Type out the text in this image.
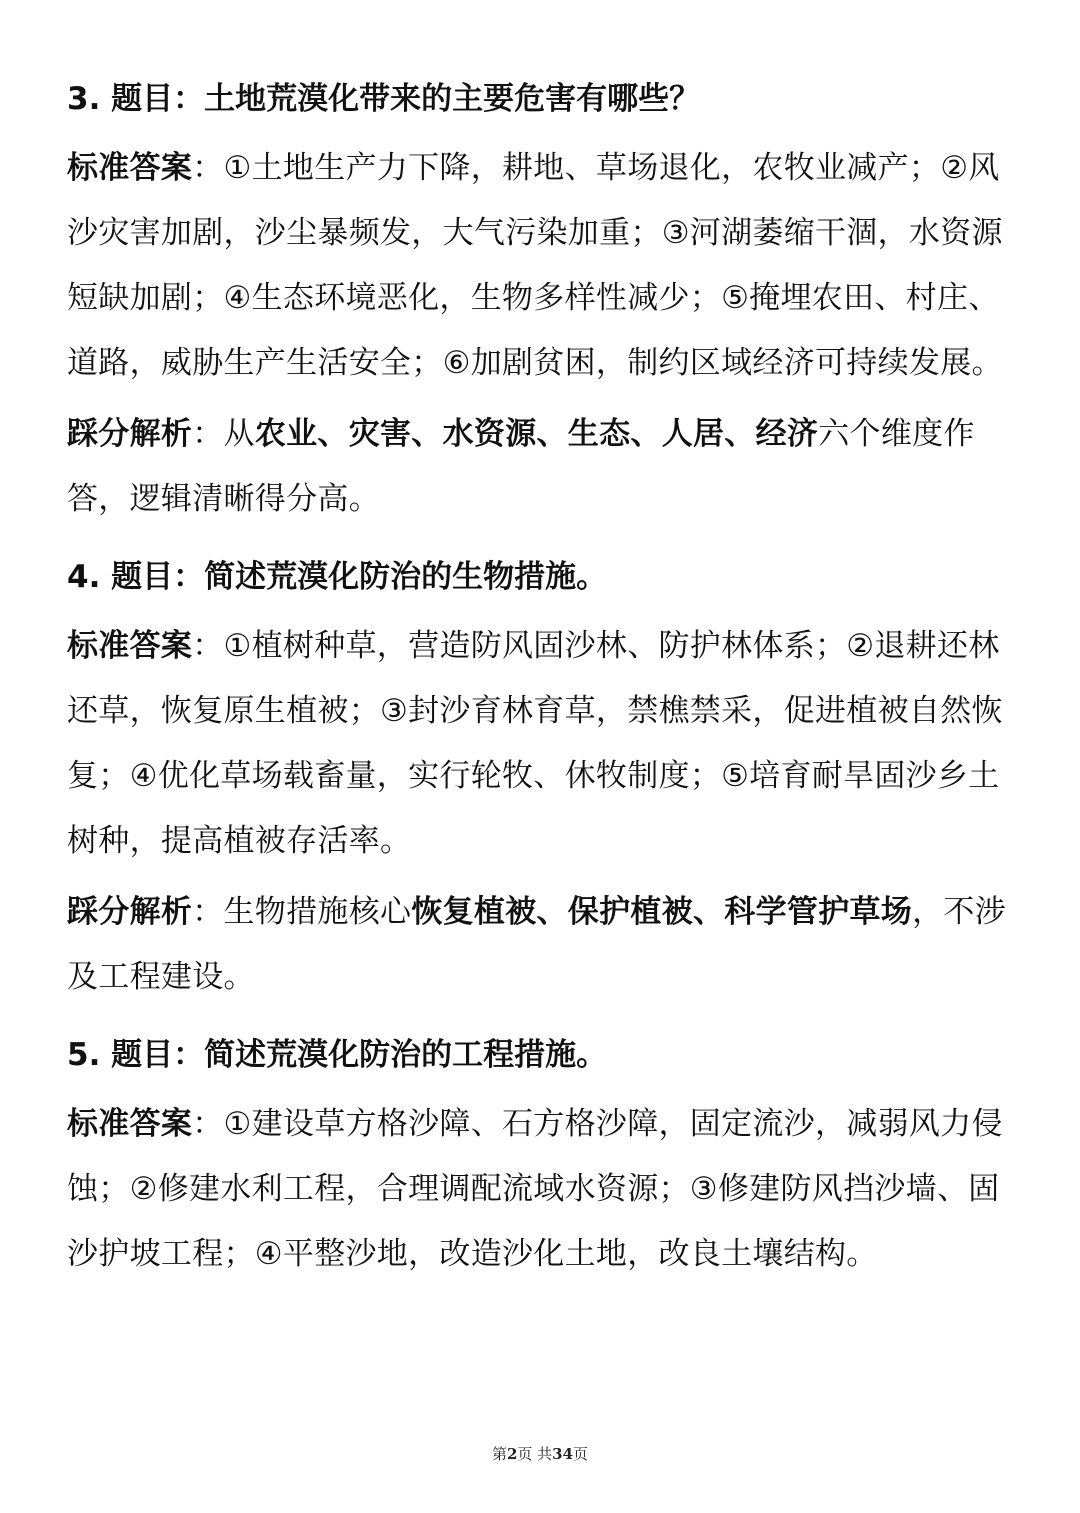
3. 题目：土地荒漠化带来的主要危害有哪些？

标准答案：①土地生产力下降，耕地、草场退化，农牧业减产；②风沙灾害加剧，沙尘暴频发，大气污染加重；③河湖萎缩干涸，水资源短缺加剧；④生态环境恶化，生物多样性减少；⑤掩埋农田、村庄、道路，威胁生产生活安全；⑥加剧贫困，制约区域经济可持续发展。

踩分解析：从农业、灾害、水资源、生态、人居、经济六个维度作答，逻辑清晰得分高。

4. 题目：简述荒漠化防治的生物措施。

标准答案：①植树种草，营造防风固沙林、防护林体系；②退耕还林还草，恢复原生植被；③封沙育林育草，禁樵禁采，促进植被自然恢复；④优化草场载畜量，实行轮牧、休牧制度；⑤培育耐旱固沙乡土树种，提高植被存活率。

踩分解析：生物措施核心恢复植被、保护植被、科学管护草场，不涉及工程建设。

5. 题目：简述荒漠化防治的工程措施。

标准答案：①建设草方格沙障、石方格沙障，固定流沙，减弱风力侵蚀；②修建水利工程，合理调配流域水资源；③修建防风挡沙墙、固沙护坡工程；④平整沙地，改造沙化土地，改良土壤结构。

第2页 共34页
